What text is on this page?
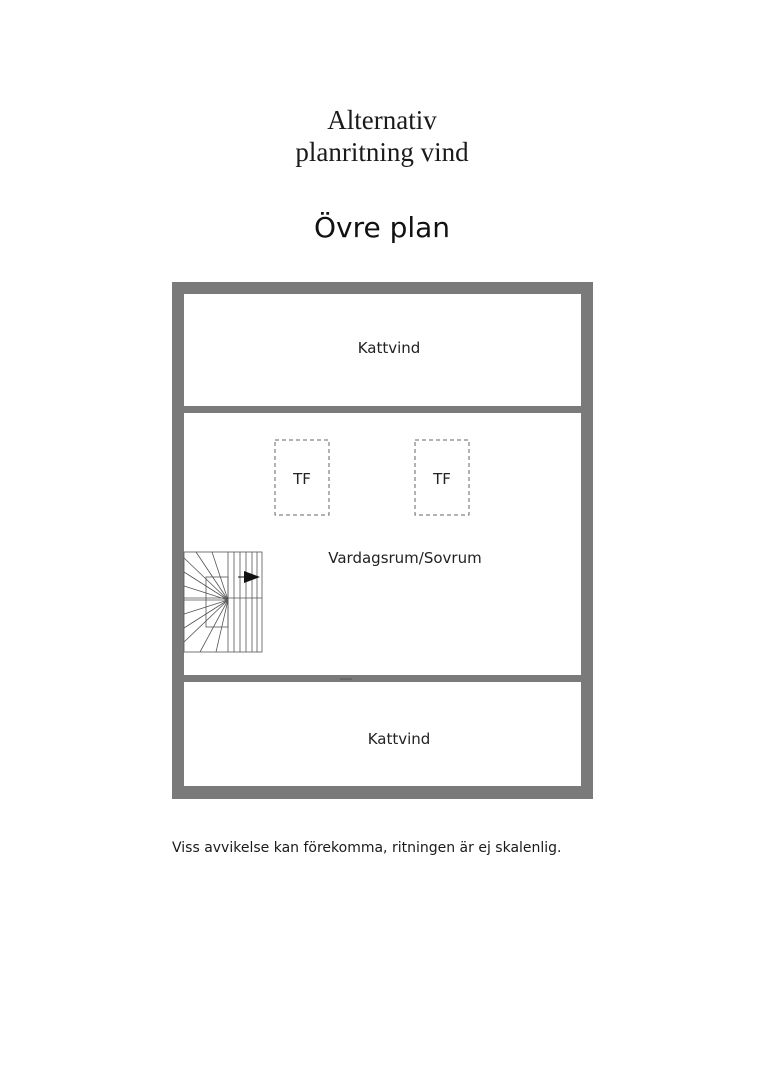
Alternativ
planritning vind
Övre plan
Kattvind
Vardagsrum/Sovrum
Kattvind
TF	TF
Viss avvikelse kan förekomma, ritningen är ej skalenlig.
